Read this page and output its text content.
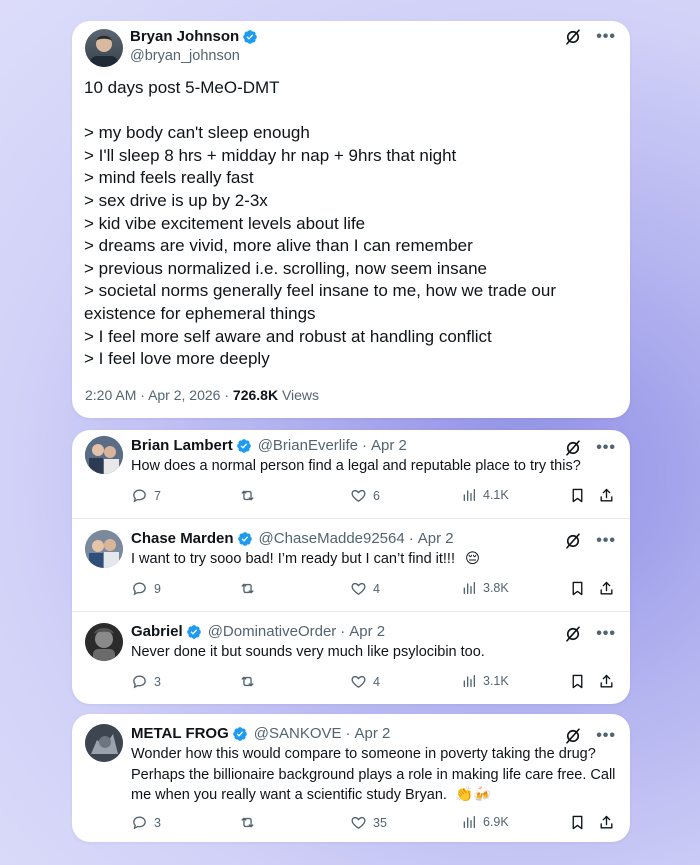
Bryan Johnson
@bryan_johnson
•••

10 days post 5-MeO-DMT

> my body can't sleep enough

> I'll sleep 8 hrs + midday hr nap + 9hrs that night

> mind feels really fast

> sex drive is up by 2-3x

> kid vibe excitement levels about life

> dreams are vivid, more alive than I can remember

> previous normalized i.e. scrolling, now seem insane

> societal norms generally feel insane to me, how we trade our existence for ephemeral things

> I feel more self aware and robust at handling conflict

> I feel love more deeply

2:20 AM · Apr 2, 2026 · 726.8K Views
Brian Lambert @BrianEverlife · Apr 2	•••
How does a normal person find a legal and reputable place to try this?
7	6	4.1K
Chase Marden @ChaseMadde92564 · Apr 2	•••
I want to try sooo bad! I’m ready but I can’t find it!!! 😔
9	4	3.8K
Gabriel @DominativeOrder · Apr 2	•••
Never done it but sounds very much like psylocibin too.
3	4	3.1K
METAL FROG @SANKOVE · Apr 2	•••
Wonder how this would compare to someone in poverty taking the drug? Perhaps the billionaire background plays a role in making life care free. Call me when you really want a scientific study Bryan. 👏🍻
3	35	6.9K
